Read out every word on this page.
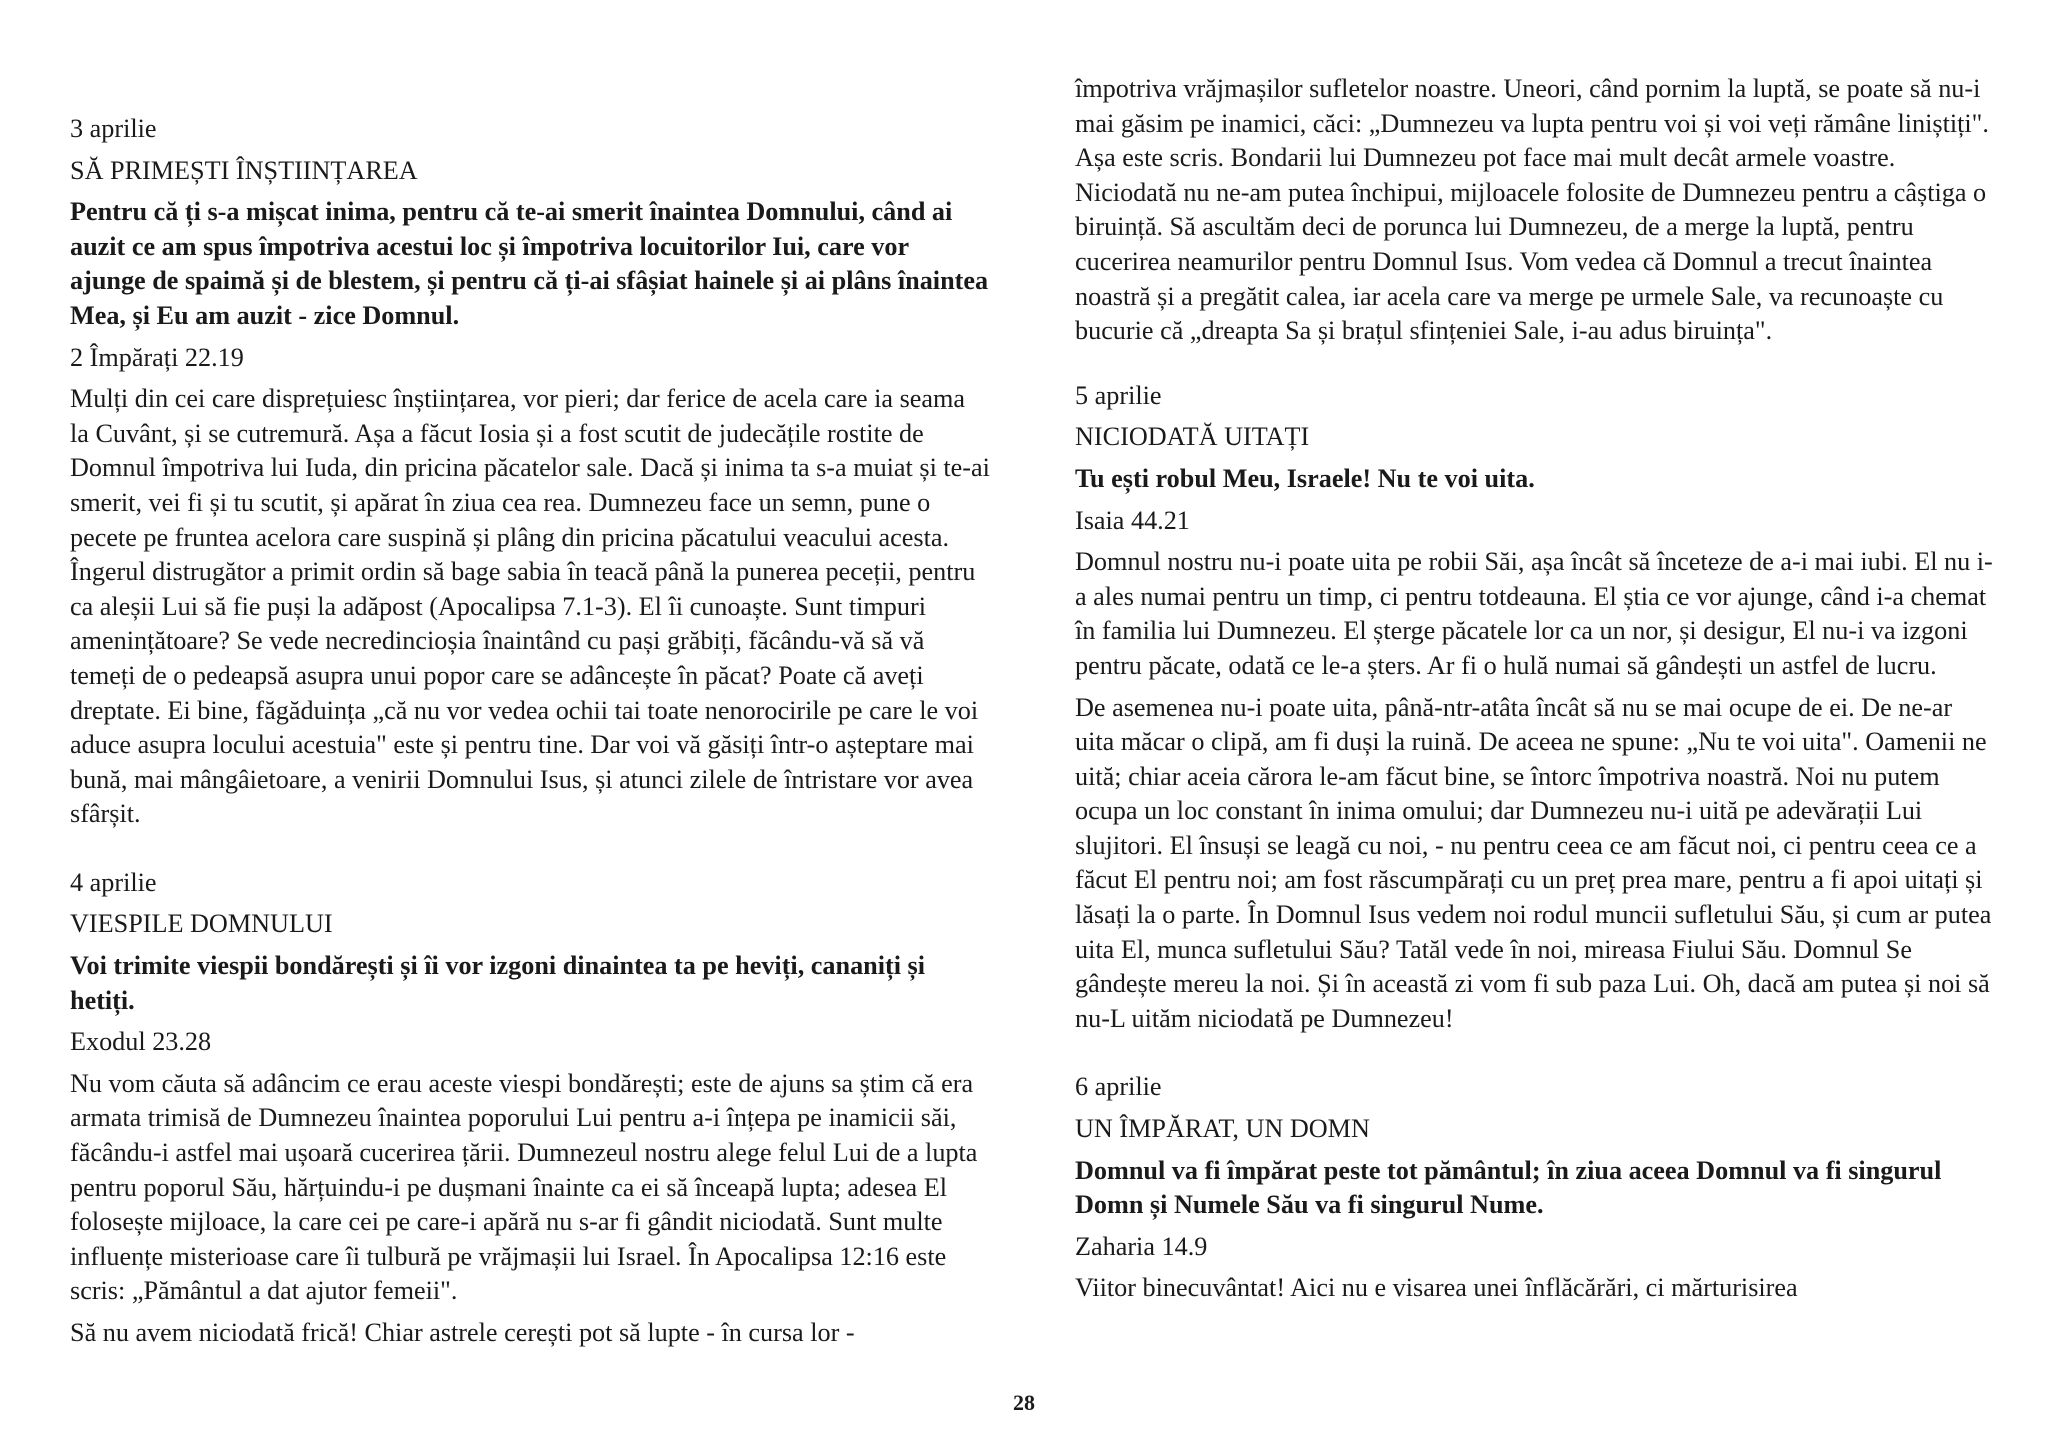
3 aprilie

SĂ PRIMEȘTI ÎNȘTIINȚAREA

Pentru că ți s-a mișcat inima, pentru că te-ai smerit înaintea Domnului, când ai auzit ce am spus împotriva acestui loc și împotriva locuitorilor Iui, care vor ajunge de spaimă și de blestem, și pentru că ți-ai sfâșiat hainele și ai plâns înaintea Mea, și Eu am auzit - zice Domnul.

2 Împărați 22.19

Mulți din cei care disprețuiesc înștiințarea, vor pieri; dar ferice de acela care ia seama la Cuvânt, și se cutremură. Așa a făcut Iosia și a fost scutit de judecățile rostite de Domnul împotriva lui Iuda, din pricina păcatelor sale. Dacă și inima ta s-a muiat și te-ai smerit, vei fi și tu scutit, și apărat în ziua cea rea. Dumnezeu face un semn, pune o pecete pe fruntea acelora care suspină și plâng din pricina păcatului veacului acesta. Îngerul distrugător a primit ordin să bage sabia în teacă până la punerea peceții, pentru ca aleșii Lui să fie puși la adăpost (Apocalipsa 7.1-3). El îi cunoaște. Sunt timpuri amenințătoare? Se vede necredincioșia înaintând cu pași grăbiți, făcându-vă să vă temeți de o pedeapsă asupra unui popor care se adâncește în păcat? Poate că aveți dreptate. Ei bine, făgăduința „că nu vor vedea ochii tai toate nenorocirile pe care le voi aduce asupra locului acestuia" este și pentru tine. Dar voi vă găsiți într-o așteptare mai bună, mai mângâietoare, a venirii Domnului Isus, și atunci zilele de întristare vor avea sfârșit.

4 aprilie

VIESPILE DOMNULUI

Voi trimite viespii bondărești și îi vor izgoni dinaintea ta pe heviți, cananiți și hetiți.

Exodul 23.28

Nu vom căuta să adâncim ce erau aceste viespi bondărești; este de ajuns sa știm că era armata trimisă de Dumnezeu înaintea poporului Lui pentru a-i înțepa pe inamicii săi, făcându-i astfel mai ușoară cucerirea țării. Dumnezeul nostru alege felul Lui de a lupta pentru poporul Său, hărțuindu-i pe dușmani înainte ca ei să înceapă lupta; adesea El folosește mijloace, la care cei pe care-i apără nu s-ar fi gândit niciodată. Sunt multe influențe misterioase care îi tulbură pe vrăjmașii lui Israel. În Apocalipsa 12:16 este scris: „Pământul a dat ajutor femeii".

Să nu avem niciodată frică! Chiar astrele cerești pot să lupte - în cursa lor -

împotriva vrăjmașilor sufletelor noastre. Uneori, când pornim la luptă, se poate să nu-i mai găsim pe inamici, căci: „Dumnezeu va lupta pentru voi și voi veți rămâne liniștiți". Așa este scris. Bondarii lui Dumnezeu pot face mai mult decât armele voastre. Niciodată nu ne-am putea închipui, mijloacele folosite de Dumnezeu pentru a câștiga o biruință. Să ascultăm deci de porunca lui Dumnezeu, de a merge la luptă, pentru cucerirea neamurilor pentru Domnul Isus. Vom vedea că Domnul a trecut înaintea noastră și a pregătit calea, iar acela care va merge pe urmele Sale, va recunoaște cu bucurie că „dreapta Sa și brațul sfințeniei Sale, i-au adus biruința".

5 aprilie

NICIODATĂ UITAȚI

Tu ești robul Meu, Israele! Nu te voi uita.

Isaia 44.21

Domnul nostru nu-i poate uita pe robii Săi, așa încât să înceteze de a-i mai iubi. El nu i-a ales numai pentru un timp, ci pentru totdeauna. El știa ce vor ajunge, când i-a chemat în familia lui Dumnezeu. El șterge păcatele lor ca un nor, și desigur, El nu-i va izgoni pentru păcate, odată ce le-a șters. Ar fi o hulă numai să gândești un astfel de lucru.

De asemenea nu-i poate uita, până-ntr-atâta încât să nu se mai ocupe de ei. De ne-ar uita măcar o clipă, am fi duși la ruină. De aceea ne spune: „Nu te voi uita". Oamenii ne uită; chiar aceia cărora le-am făcut bine, se întorc împotriva noastră. Noi nu putem ocupa un loc constant în inima omului; dar Dumnezeu nu-i uită pe adevărații Lui slujitori. El însuși se leagă cu noi, - nu pentru ceea ce am făcut noi, ci pentru ceea ce a făcut El pentru noi; am fost răscumpărați cu un preț prea mare, pentru a fi apoi uitați și lăsați la o parte. În Domnul Isus vedem noi rodul muncii sufletului Său, și cum ar putea uita El, munca sufletului Său? Tatăl vede în noi, mireasa Fiului Său. Domnul Se gândește mereu la noi. Și în această zi vom fi sub paza Lui. Oh, dacă am putea și noi să nu-L uităm niciodată pe Dumnezeu!

6 aprilie

UN ÎMPĂRAT, UN DOMN

Domnul va fi împărat peste tot pământul; în ziua aceea Domnul va fi singurul Domn și Numele Său va fi singurul Nume.

Zaharia 14.9

Viitor binecuvântat! Aici nu e visarea unei înflăcărări, ci mărturisirea

28
